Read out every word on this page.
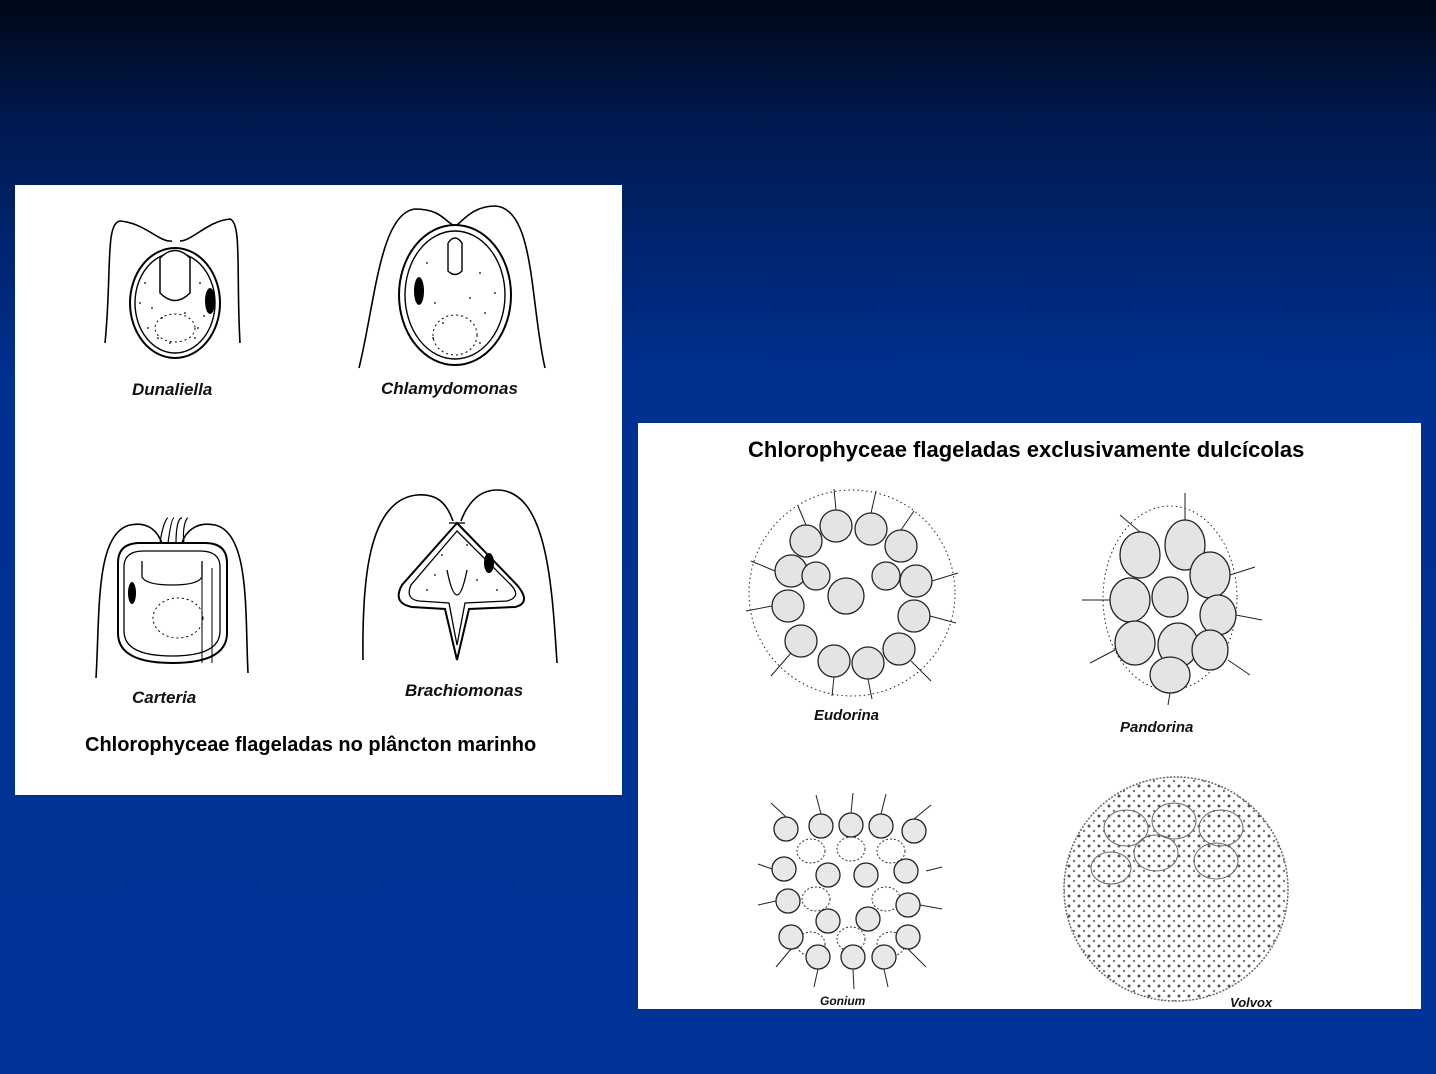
Dunaliella	Chlamydomonas
Carteria	Brachiomonas
Chlorophyceae flageladas no plâncton marinho
Chlorophyceae flageladas exclusivamente dulcícolas
Eudorina
Pandorina
Gonium	Volvox
